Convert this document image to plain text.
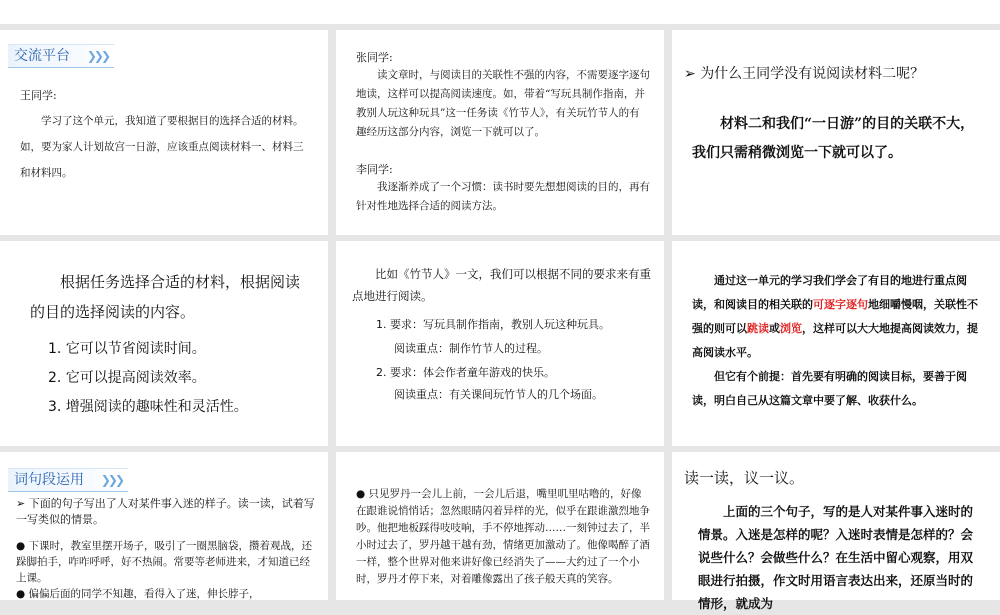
交流平台 ❯❯❯
王同学:
学习了这个单元，我知道了要根据目的选择合适的材料。如，要为家人计划故宫一日游，应该重点阅读材料一、材料三和材料四。
张同学:
读文章时，与阅读目的关联性不强的内容，不需要逐字逐句地读，这样可以提高阅读速度。如，带着“写玩具制作指南，并教别人玩这种玩具”这一任务读《竹节人》，有关玩竹节人的有趣经历这部分内容，浏览一下就可以了。
李同学:
我逐渐养成了一个习惯：读书时要先想想阅读的目的，再有针对性地选择合适的阅读方法。
➢ 为什么王同学没有说阅读材料二呢？
材料二和我们“一日游”的目的关联不大，我们只需稍微浏览一下就可以了。
根据任务选择合适的材料，根据阅读的目的选择阅读的内容。
1. 它可以节省阅读时间。
2. 它可以提高阅读效率。
3. 增强阅读的趣味性和灵活性。
比如《竹节人》一文，我们可以根据不同的要求来有重点地进行阅读。
1. 要求：写玩具制作指南，教别人玩这种玩具。
阅读重点：制作竹节人的过程。
2. 要求：体会作者童年游戏的快乐。
阅读重点：有关课间玩竹节人的几个场面。
通过这一单元的学习我们学会了有目的地进行重点阅读，和阅读目的相关联的可逐字逐句地细嚼慢咽，关联性不强的则可以跳读或浏览，这样可以大大地提高阅读效力，提高阅读水平。
但它有个前提：首先要有明确的阅读目标，要善于阅读，明白自己从这篇文章中要了解、收获什么。
词句段运用 ❯❯❯
➢ 下面的句子写出了人对某件事入迷的样子。读一读，试着写一写类似的情景。
● 下课时，教室里摆开场子，吸引了一圈黑脑袋，攒着观战，还跺脚拍手，咋咋呼呼，好不热闹。常要等老师进来，才知道已经上课。
● 偏偏后面的同学不知趣，看得入了迷，伸长脖子，
● 只见罗丹一会儿上前，一会儿后退，嘴里叽里咕噜的，好像在跟谁说悄悄话；忽然眼睛闪着异样的光，似乎在跟谁激烈地争吵。他把地板踩得吱吱响，手不停地挥动……一刻钟过去了，半小时过去了，罗丹越干越有劲，情绪更加激动了。他像喝醉了酒一样，整个世界对他来讲好像已经消失了——大约过了一个小时，罗丹才停下来，对着雕像露出了孩子般天真的笑容。
读一读，议一议。
上面的三个句子，写的是人对某件事入迷时的情景。入迷是怎样的呢？入迷时表情是怎样的？会说些什么？会做些什么？在生活中留心观察，用双眼进行拍摄，作文时用语言表达出来，还原当时的情形，就成为
